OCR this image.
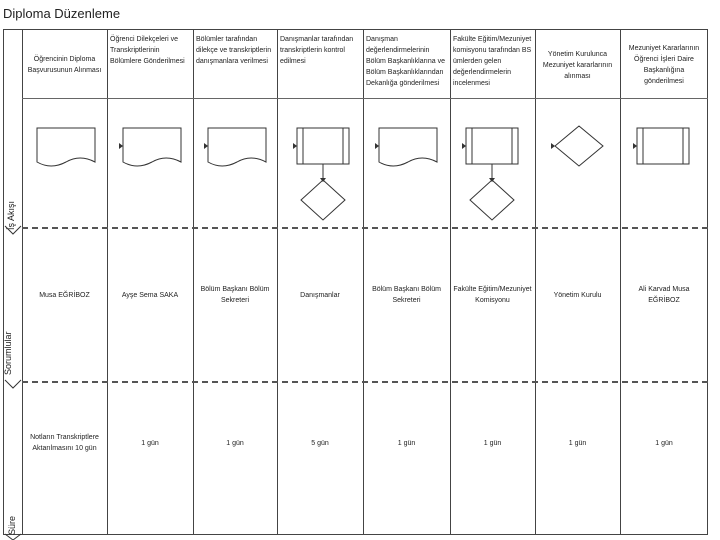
Diploma Düzenleme
İş Akışı
Sorumlular
Süre
Öğrencinin Diploma Başvurusunun Alınması
Musa EĞRİBOZ
Notların Transkriptlere Aktarılmasını 10 gün
Öğrenci Dilekçeleri ve Transkriptlerinin Bölümlere Gönderilmesi
Ayşe Sema SAKA
1 gün
Bölümler tarafından dilekçe ve transkriptlerin danışmanlara verilmesi
Bölüm Başkanı Bölüm Sekreteri
1 gün
Danışmanlar tarafından transkriptlerin kontrol edilmesi
Danışmanlar
5 gün
Danışman değerlendirmelerinin Bölüm Başkanlıklarına ve Bölüm Başkanlıklarından Dekanlığa gönderilmesi
Bölüm Başkanı Bölüm Sekreteri
1 gün
Fakülte Eğitim/Mezuniyet komisyonu tarafından BS ümlerden gelen değerlendirmelerin incelenmesi
Fakülte Eğitim/Mezuniyet Komisyonu
1 gün
Yönetim Kurulunca Mezuniyet kararlarının alınması
Yönetim Kurulu
1 gün
Mezuniyet Kararlarının Öğrenci İşleri Daire Başkanlığına gönderilmesi
Ali Karvad Musa EĞRİBOZ
1 gün
